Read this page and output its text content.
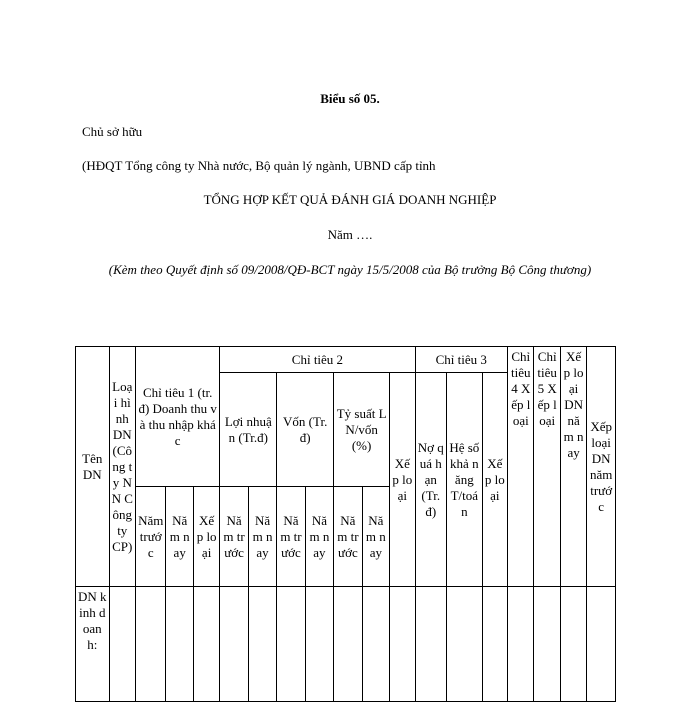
Biểu số 05.
Chủ sở hữu
(HĐQT Tổng công ty Nhà nước, Bộ quản lý ngành, UBND cấp tỉnh
TỔNG HỢP KẾT QUẢ ĐÁNH GIÁ DOANH NGHIỆP
Năm ….
(Kèm theo Quyết định số 09/2008/QĐ-BCT ngày 15/5/2008 của Bộ trưởng Bộ Công thương)
Tên DN	Loại hình DN (Công ty NN Công ty CP)	Chỉ tiêu 1 (tr.đ) Doanh thu và thu nhập khác			Chỉ tiêu 2							Chỉ tiêu 3			Chỉ tiêu 4 Xếp loại	Chỉ tiêu 5 Xếp loại	Xếp loại DN năm nay	Xếp loại DN năm trước

					Lợi nhuận (Tr.đ)		Vốn (Tr.đ)		Tỷ suất LN/vốn (%)		Xếp loại	Nợ quá hạn (Tr.đ)	Hệ số khả năng T/toán	Xếp loại				

		Năm trước	Năm nay	Xếp loại	Năm trước	Năm nay	Năm trước	Năm nay	Năm trước	Năm nay								

DN kinh doanh:																		
